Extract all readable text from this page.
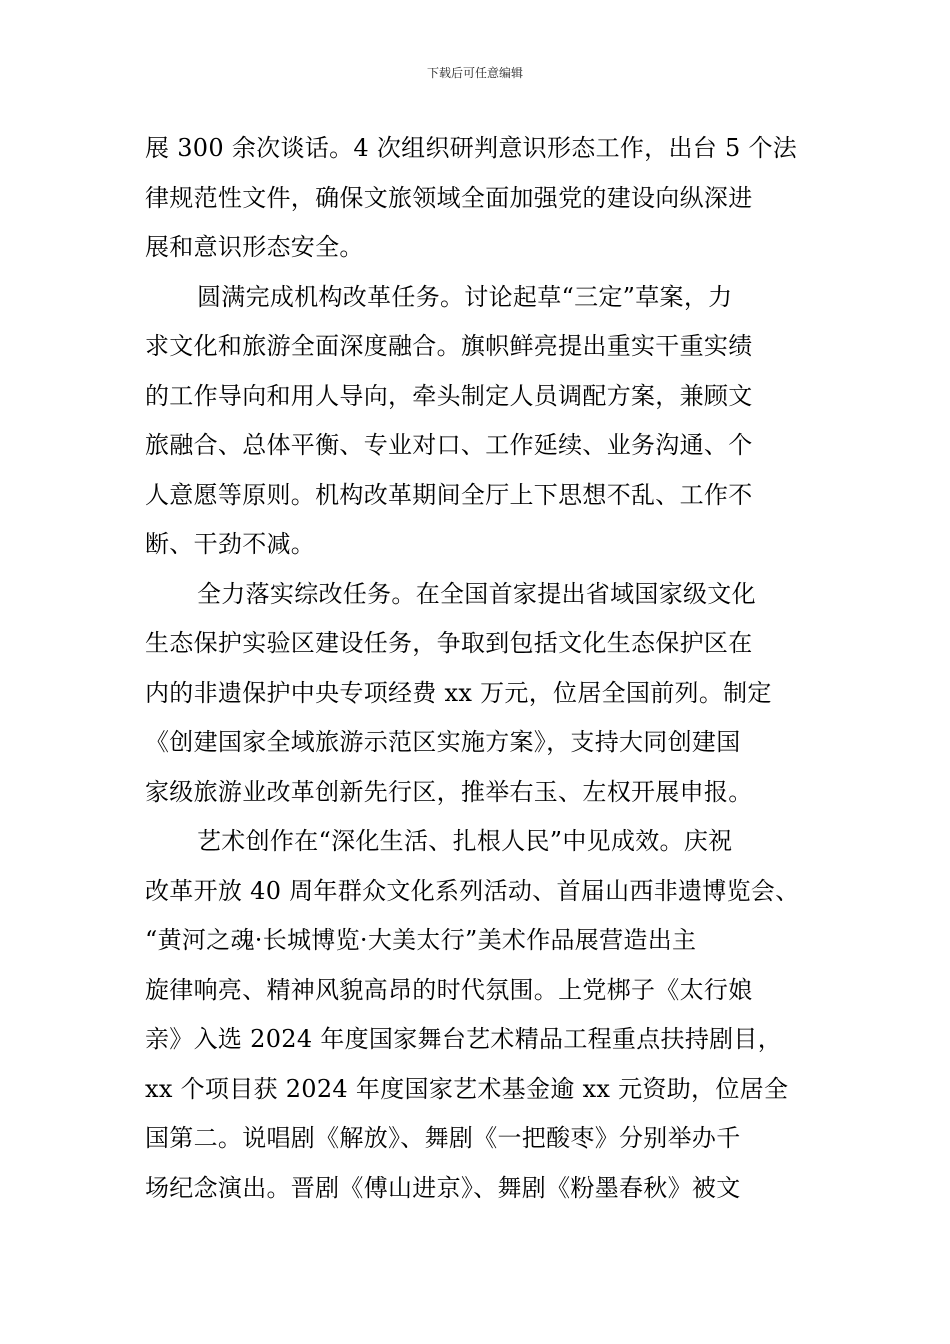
下载后可任意编辑
展 300 余次谈话。4 次组织研判意识形态工作，出台 5 个法
律规范性文件，确保文旅领域全面加强党的建设向纵深进
展和意识形态安全。
圆满完成机构改革任务。讨论起草“三定”草案，力
求文化和旅游全面深度融合。旗帜鲜亮提出重实干重实绩
的工作导向和用人导向，牵头制定人员调配方案，兼顾文
旅融合、总体平衡、专业对口、工作延续、业务沟通、个
人意愿等原则。机构改革期间全厅上下思想不乱、工作不
断、干劲不减。
全力落实综改任务。在全国首家提出省域国家级文化
生态保护实验区建设任务，争取到包括文化生态保护区在
内的非遗保护中央专项经费 xx 万元，位居全国前列。制定
《创建国家全域旅游示范区实施方案》，支持大同创建国
家级旅游业改革创新先行区，推举右玉、左权开展申报。
艺术创作在“深化生活、扎根人民”中见成效。庆祝
改革开放 40 周年群众文化系列活动、首届山西非遗博览会、
“黄河之魂·长城博览·大美太行”美术作品展营造出主
旋律响亮、精神风貌高昂的时代氛围。上党梆子《太行娘
亲》入选 2024 年度国家舞台艺术精品工程重点扶持剧目，
xx 个项目获 2024 年度国家艺术基金逾 xx 元资助，位居全
国第二。说唱剧《解放》、舞剧《一把酸枣》分别举办千
场纪念演出。晋剧《傅山进京》、舞剧《粉墨春秋》被文
